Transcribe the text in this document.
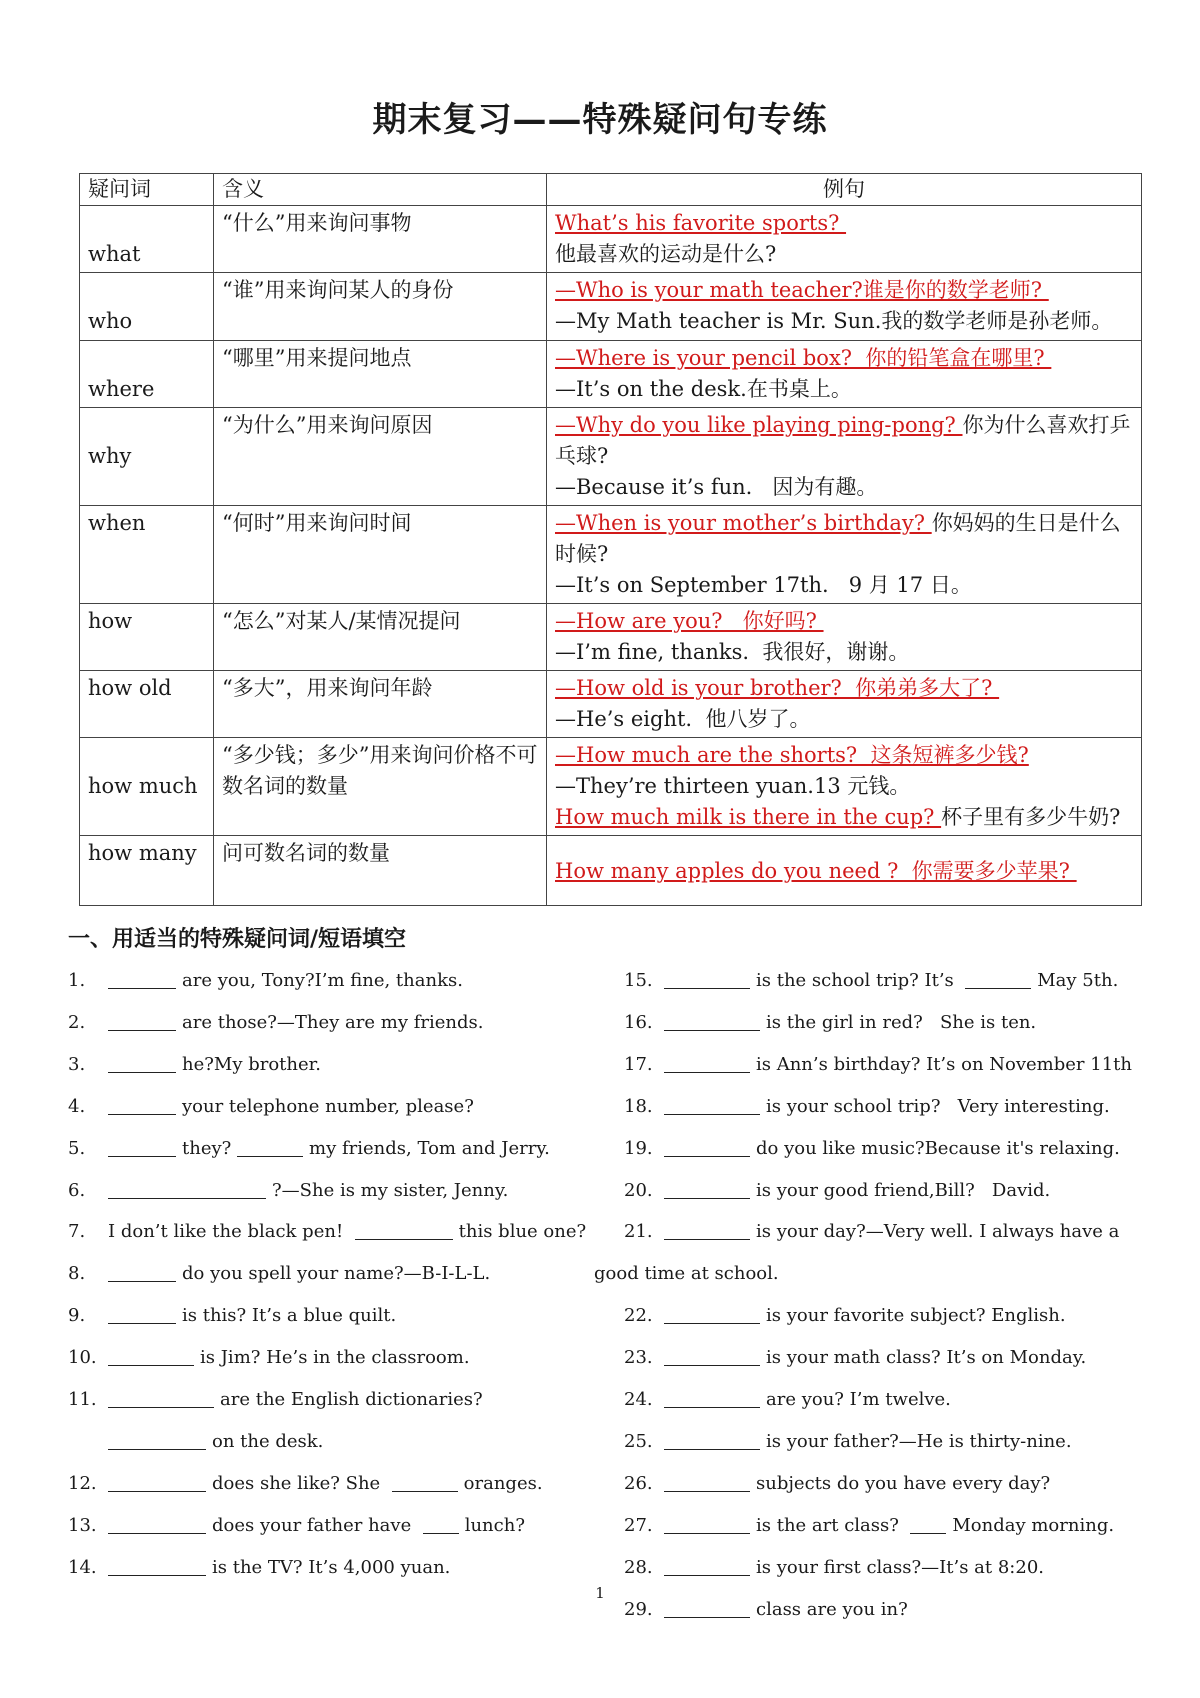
期末复习——特殊疑问句专练
疑问词	含义	例句

what	“什么”用来询问事物	What’s his favorite sports?
他最喜欢的运动是什么?

who	“谁”用来询问某人的身份	—Who is your math teacher?谁是你的数学老师?
—My Math teacher is Mr. Sun.我的数学老师是孙老师。

where	“哪里”用来提问地点	—Where is your pencil box?  你的铅笔盒在哪里?
—It’s on the desk.在书桌上。

why	“为什么”用来询问原因	—Why do you like playing ping-pong? 你为什么喜欢打乒乓球?
—Because it’s fun.   因为有趣。

when	“何时”用来询问时间	—When is your mother’s birthday? 你妈妈的生日是什么时候?
—It’s on September 17th.   9 月 17 日。

how	“怎么”对某人/某情况提问	—How are you?   你好吗?
—I’m fine, thanks.  我很好，谢谢。

how old	“多大”，用来询问年龄	—How old is your brother?  你弟弟多大了?
—He’s eight.  他八岁了。

how much	“多少钱；多少”用来询问价格不可数名词的数量	—How much are the shorts?  这条短裤多少钱?
—They’re thirteen yuan.13 元钱。
How much milk is there in the cup? 杯子里有多少牛奶?

how many	问可数名词的数量	How many apples do you need ?  你需要多少苹果?
一、用适当的特殊疑问词/短语填空
1.	are you, Tony?I’m fine, thanks.
2.	are those?—They are my friends.
3.	he?My brother.
4.	your telephone number, please?
5.	they?	my friends, Tom and Jerry.
6.	?—She is my sister, Jenny.
7. I don’t like the black pen!	this blue one?
8.	do you spell your name?—B-I-L-L.
9.	is this? It’s a blue quilt.
10.	is Jim? He’s in the classroom.
11.	are the English dictionaries?
on the desk.
12.	does she like? She	oranges.
13.	does your father have	lunch?
14.	is the TV? It’s 4,000 yuan.
15.	is the school trip? It’s	May 5th.
16.	is the girl in red?   She is ten.
17.	is Ann’s birthday? It’s on November 11th
18.	is your school trip?   Very interesting.
19.	do you like music?Because it's relaxing.
20.	is your good friend,Bill?   David.
21.	is your day?—Very well. I always have a
good time at school.
22.	is your favorite subject? English.
23.	is your math class? It’s on Monday.
24.	are you? I’m twelve.
25.	is your father?—He is thirty-nine.
26.	subjects do you have every day?
27.	is the art class?	Monday morning.
28.	is your first class?—It’s at 8:20.
29.	class are you in?
1
